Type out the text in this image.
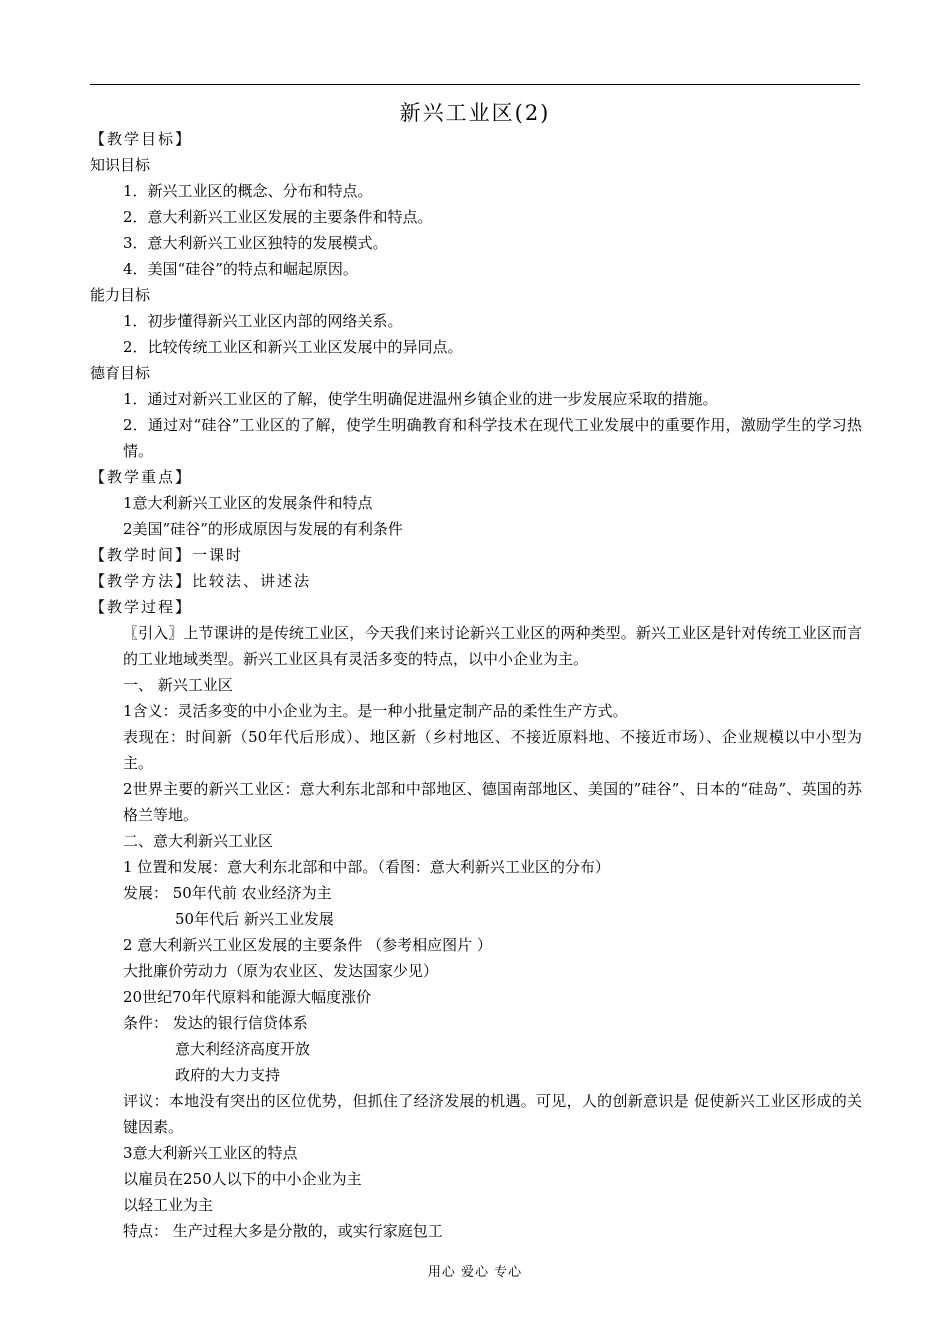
新兴工业区(2)
【教学目标】
知识目标
1．新兴工业区的概念、分布和特点。
2．意大利新兴工业区发展的主要条件和特点。
3．意大利新兴工业区独特的发展模式。
4．美国“硅谷”的特点和崛起原因。
能力目标
1．初步懂得新兴工业区内部的网络关系。
2．比较传统工业区和新兴工业区发展中的异同点。
德育目标
1．通过对新兴工业区的了解，使学生明确促进温州乡镇企业的进一步发展应采取的措施。
2．通过对“硅谷”工业区的了解，使学生明确教育和科学技术在现代工业发展中的重要作用，激励学生的学习热情。
【教学重点】
1意大利新兴工业区的发展条件和特点
2美国”硅谷”的形成原因与发展的有利条件
【教学时间】一课时
【教学方法】比较法、讲述法
【教学过程】
〖引入〗上节课讲的是传统工业区，今天我们来讨论新兴工业区的两种类型。新兴工业区是针对传统工业区而言的工业地域类型。新兴工业区具有灵活多变的特点，以中小企业为主。
一、 新兴工业区
1含义：灵活多变的中小企业为主。是一种小批量定制产品的柔性生产方式。
表现在：时间新（50年代后形成）、地区新（乡村地区、不接近原料地、不接近市场）、企业规模以中小型为主。
2世界主要的新兴工业区：意大利东北部和中部地区、德国南部地区、美国的”硅谷”、日本的“硅岛”、英国的苏格兰等地。
二、意大利新兴工业区
1 位置和发展：意大利东北部和中部。（看图：意大利新兴工业区的分布）
发展： 50年代前 农业经济为主
50年代后 新兴工业发展
2 意大利新兴工业区发展的主要条件 （参考相应图片 ）
大批廉价劳动力（原为农业区、发达国家少见）
20世纪70年代原料和能源大幅度涨价
条件： 发达的银行信贷体系
意大利经济高度开放
政府的大力支持
评议：本地没有突出的区位优势，但抓住了经济发展的机遇。可见，人的创新意识是 促使新兴工业区形成的关键因素。
3意大利新兴工业区的特点
以雇员在250人以下的中小企业为主
以轻工业为主
特点： 生产过程大多是分散的，或实行家庭包工
用心 爱心 专心
